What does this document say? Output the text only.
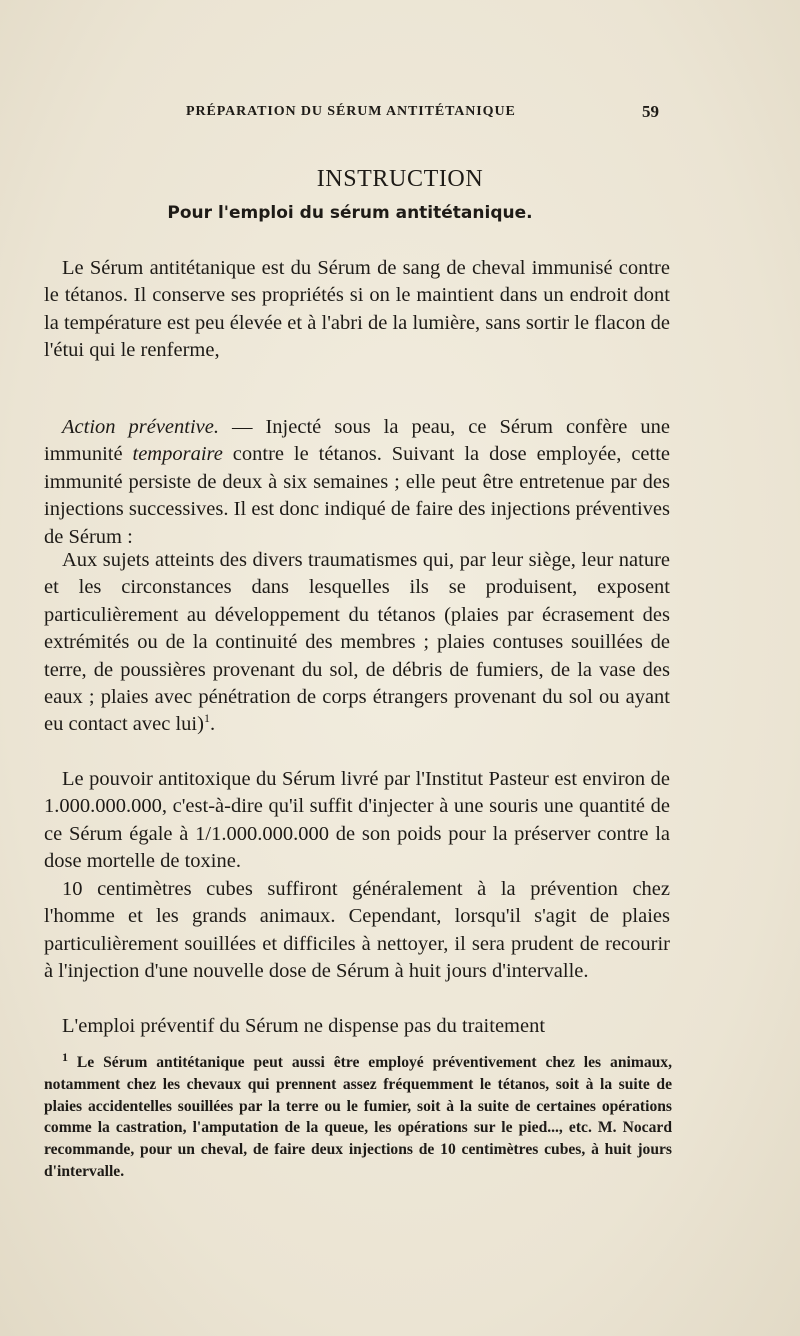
PRÉPARATION DU SÉRUM ANTITÉTANIQUE	59
INSTRUCTION
Pour l'emploi du sérum antitétanique.

Le Sérum antitétanique est du Sérum de sang de cheval immunisé contre le tétanos. Il conserve ses propriétés si on le maintient dans un endroit dont la température est peu élevée et à l'abri de la lumière, sans sortir le flacon de l'étui qui le renferme,

Action préventive. — Injecté sous la peau, ce Sérum confère une immunité temporaire contre le tétanos. Suivant la dose employée, cette immunité persiste de deux à six semaines ; elle peut être entretenue par des injections successives. Il est donc indiqué de faire des injections préventives de Sérum :

Aux sujets atteints des divers traumatismes qui, par leur siège, leur nature et les circonstances dans lesquelles ils se produisent, exposent particulièrement au développement du tétanos (plaies par écrasement des extrémités ou de la continuité des membres ; plaies contuses souillées de terre, de poussières provenant du sol, de débris de fumiers, de la vase des eaux ; plaies avec pénétration de corps étrangers provenant du sol ou ayant eu contact avec lui)$^1$.

Le pouvoir antitoxique du Sérum livré par l'Institut Pasteur est environ de 1.000.000.000, c'est-à-dire qu'il suffit d'injecter à une souris une quantité de ce Sérum égale à 1/1.000.000.000 de son poids pour la préserver contre la dose mortelle de toxine.

10 centimètres cubes suffiront généralement à la prévention chez l'homme et les grands animaux. Cependant, lorsqu'il s'agit de plaies particulièrement souillées et difficiles à nettoyer, il sera prudent de recourir à l'injection d'une nouvelle dose de Sérum à huit jours d'intervalle.

L'emploi préventif du Sérum ne dispense pas du traitement

$^1$ Le Sérum antitétanique peut aussi être employé préventivement chez les animaux, notamment chez les chevaux qui prennent assez fréquemment le tétanos, soit à la suite de plaies accidentelles souillées par la terre ou le fumier, soit à la suite de certaines opérations comme la castration, l'amputation de la queue, les opérations sur le pied..., etc. M. Nocard recommande, pour un cheval, de faire deux injections de 10 centimètres cubes, à huit jours d'intervalle.
